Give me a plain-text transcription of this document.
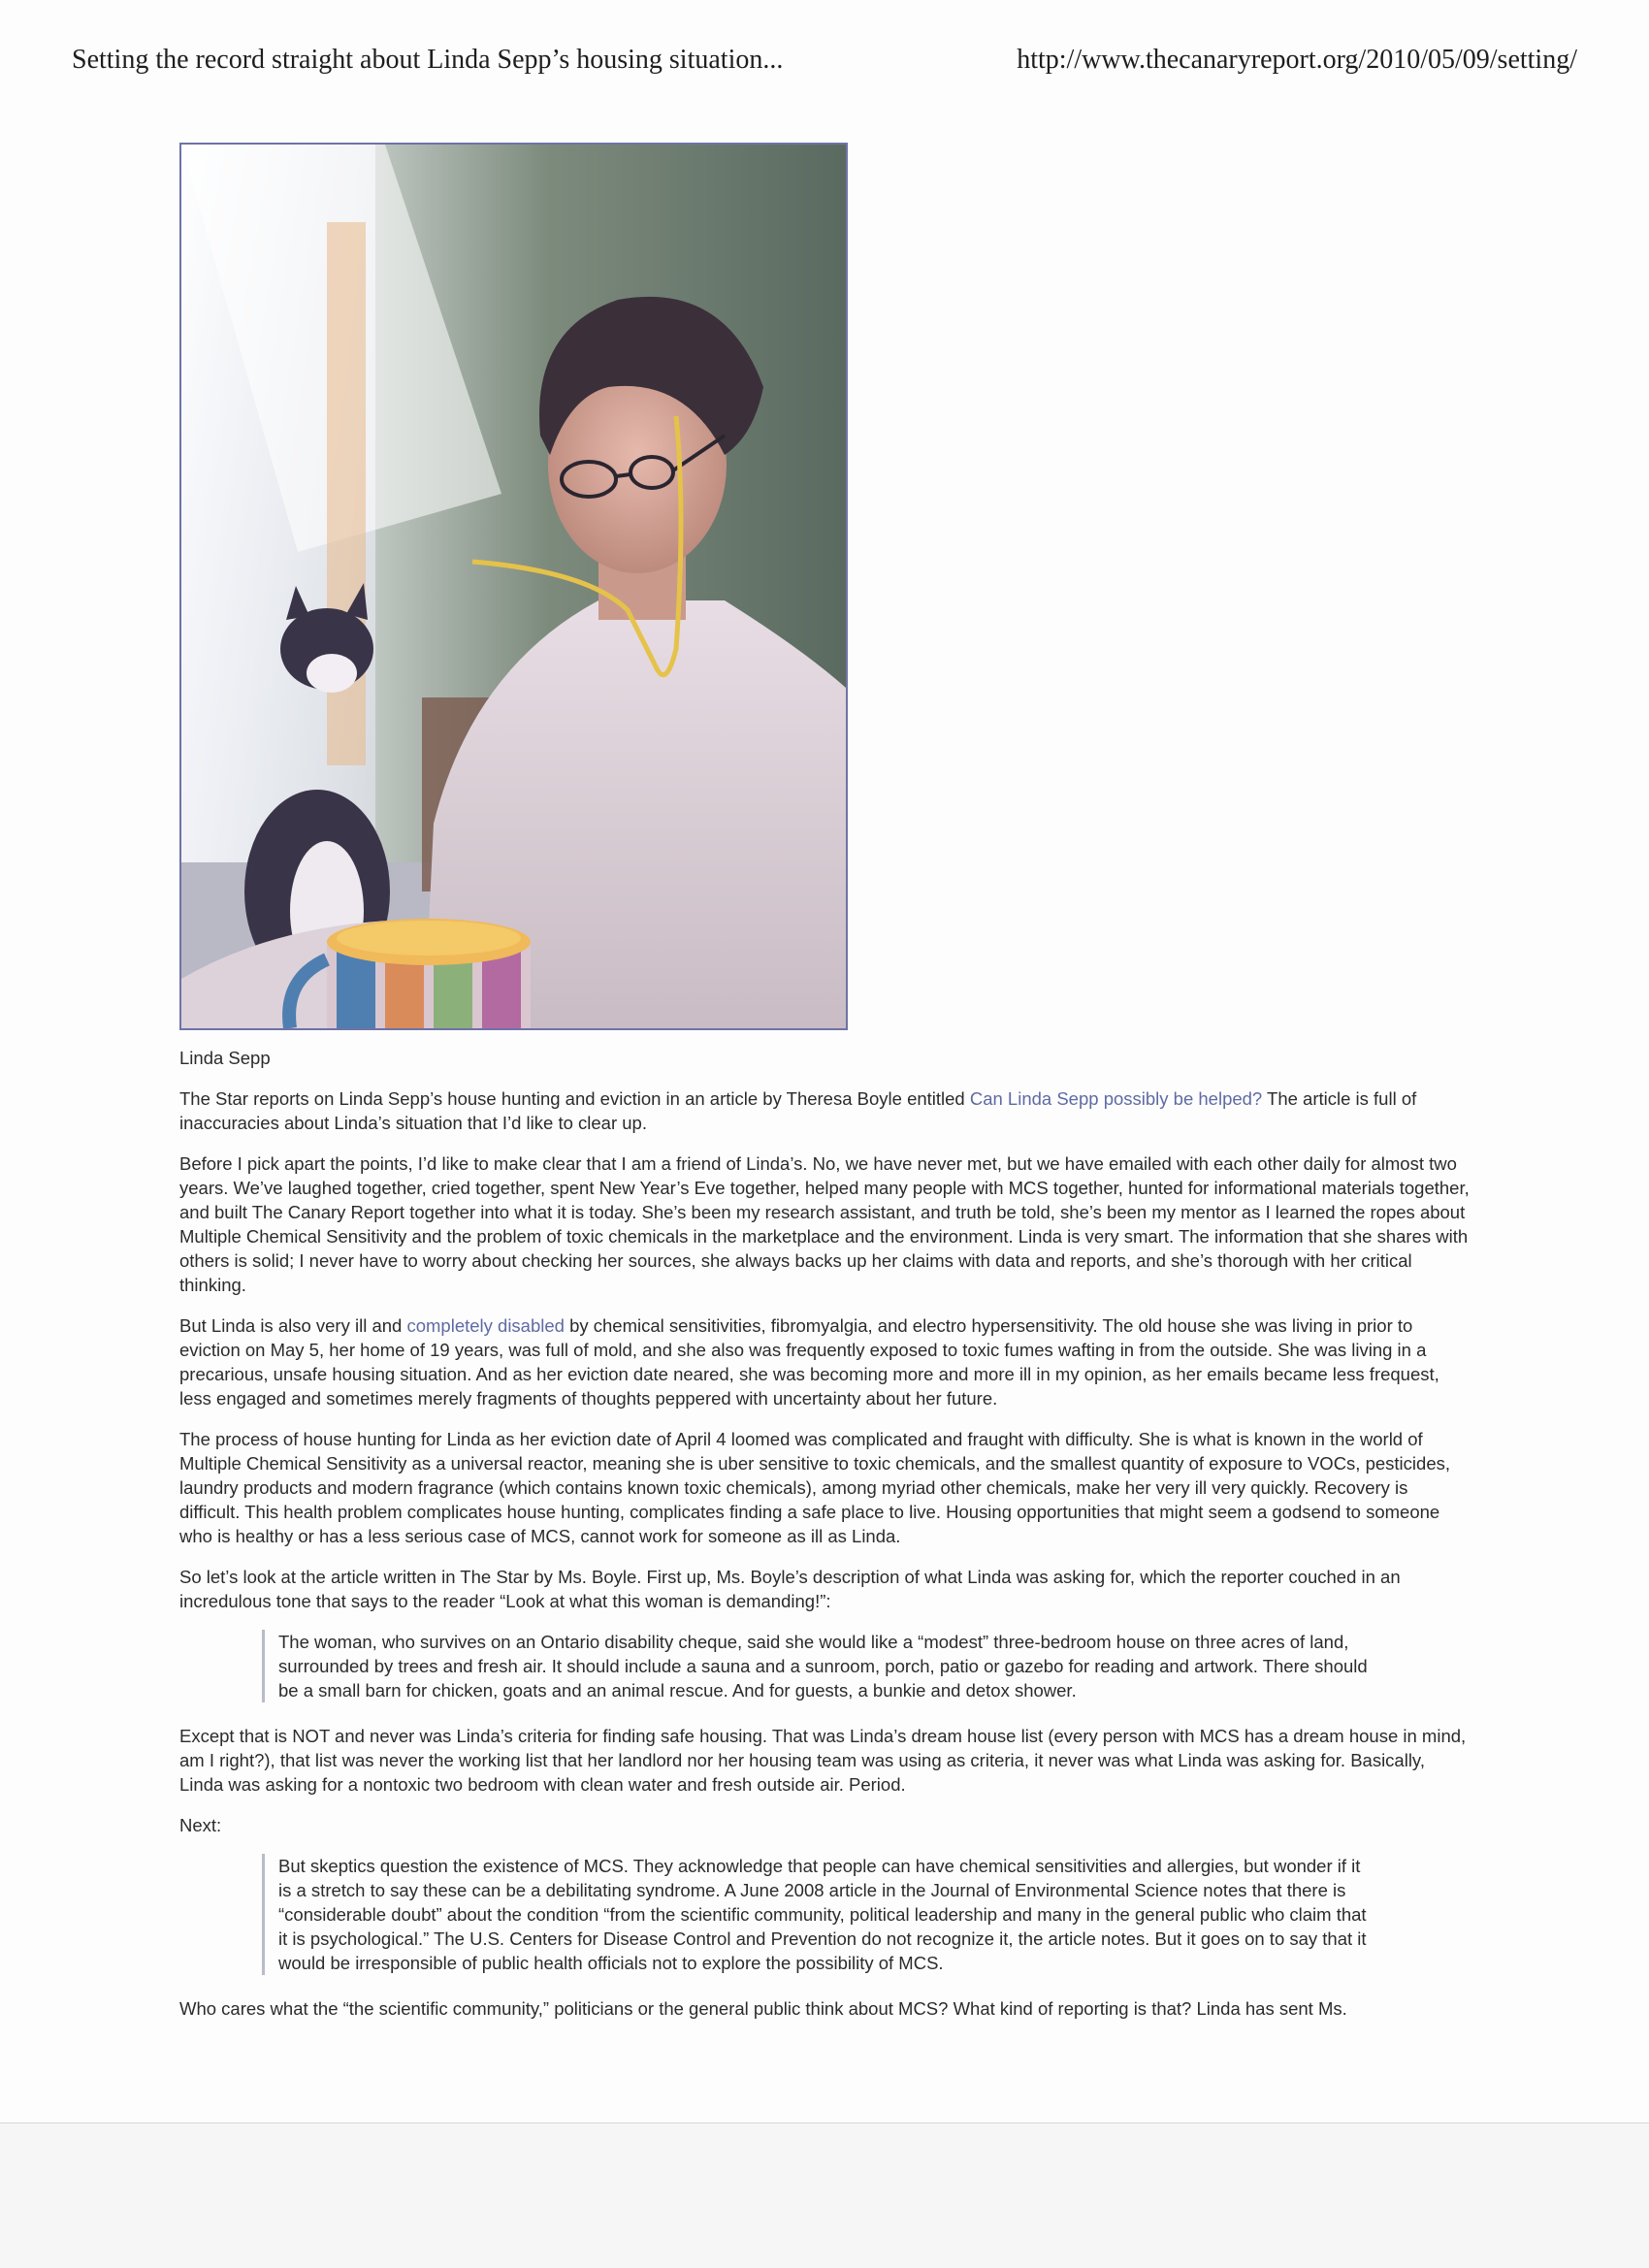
Setting the record straight about Linda Sepp’s housing situation...	http://www.thecanaryreport.org/2010/05/09/setting/

Linda Sepp

The Star reports on Linda Sepp’s house hunting and eviction in an article by Theresa Boyle entitled Can Linda Sepp possibly be helped? The article is full of inaccuracies about Linda’s situation that I’d like to clear up.

Before I pick apart the points, I’d like to make clear that I am a friend of Linda’s. No, we have never met, but we have emailed with each other daily for almost two years. We’ve laughed together, cried together, spent New Year’s Eve together, helped many people with MCS together, hunted for informational materials together, and built The Canary Report together into what it is today. She’s been my research assistant, and truth be told, she’s been my mentor as I learned the ropes about Multiple Chemical Sensitivity and the problem of toxic chemicals in the marketplace and the environment. Linda is very smart. The information that she shares with others is solid; I never have to worry about checking her sources, she always backs up her claims with data and reports, and she’s thorough with her critical thinking.

But Linda is also very ill and completely disabled by chemical sensitivities, fibromyalgia, and electro hypersensitivity. The old house she was living in prior to eviction on May 5, her home of 19 years, was full of mold, and she also was frequently exposed to toxic fumes wafting in from the outside. She was living in a precarious, unsafe housing situation. And as her eviction date neared, she was becoming more and more ill in my opinion, as her emails became less frequest, less engaged and sometimes merely fragments of thoughts peppered with uncertainty about her future.

The process of house hunting for Linda as her eviction date of April 4 loomed was complicated and fraught with difficulty. She is what is known in the world of Multiple Chemical Sensitivity as a universal reactor, meaning she is uber sensitive to toxic chemicals, and the smallest quantity of exposure to VOCs, pesticides, laundry products and modern fragrance (which contains known toxic chemicals), among myriad other chemicals, make her very ill very quickly. Recovery is difficult. This health problem complicates house hunting, complicates finding a safe place to live. Housing opportunities that might seem a godsend to someone who is healthy or has a less serious case of MCS, cannot work for someone as ill as Linda.

So let’s look at the article written in The Star by Ms. Boyle. First up, Ms. Boyle’s description of what Linda was asking for, which the reporter couched in an incredulous tone that says to the reader “Look at what this woman is demanding!”:

The woman, who survives on an Ontario disability cheque, said she would like a “modest” three-bedroom house on three acres of land, surrounded by trees and fresh air. It should include a sauna and a sunroom, porch, patio or gazebo for reading and artwork. There should be a small barn for chicken, goats and an animal rescue. And for guests, a bunkie and detox shower.

Except that is NOT and never was Linda’s criteria for finding safe housing. That was Linda’s dream house list (every person with MCS has a dream house in mind, am I right?), that list was never the working list that her landlord nor her housing team was using as criteria, it never was what Linda was asking for. Basically, Linda was asking for a nontoxic two bedroom with clean water and fresh outside air. Period.

Next:

But skeptics question the existence of MCS. They acknowledge that people can have chemical sensitivities and allergies, but wonder if it is a stretch to say these can be a debilitating syndrome. A June 2008 article in the Journal of Environmental Science notes that there is “considerable doubt” about the condition “from the scientific community, political leadership and many in the general public who claim that it is psychological.” The U.S. Centers for Disease Control and Prevention do not recognize it, the article notes. But it goes on to say that it would be irresponsible of public health officials not to explore the possibility of MCS.

Who cares what the “the scientific community,” politicians or the general public think about MCS? What kind of reporting is that? Linda has sent Ms.
